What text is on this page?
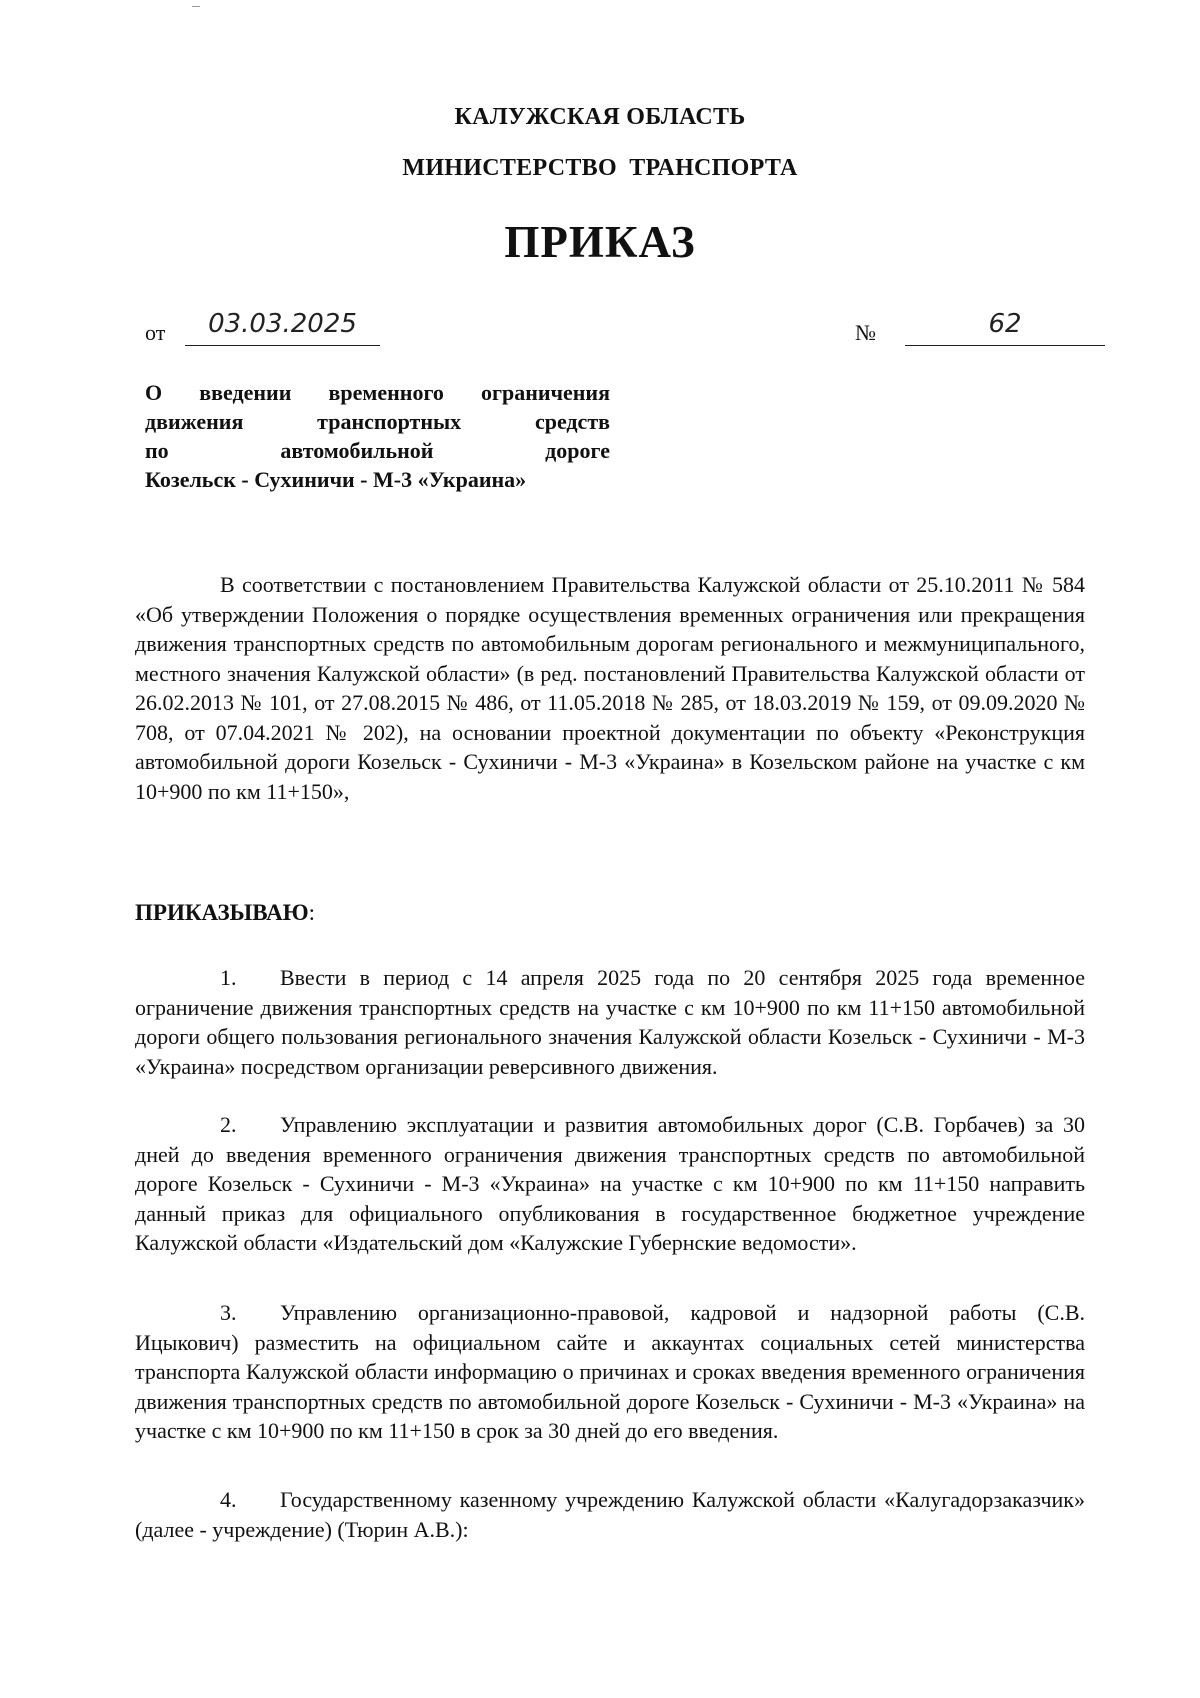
КАЛУЖСКАЯ ОБЛАСТЬ
МИНИСТЕРСТВО ТРАНСПОРТА
ПРИКАЗ
от	03.03.2025	№	62
О введении временного ограничения
движения транспортных средств
по автомобильной дороге
Козельск - Сухиничи - М-3 «Украина»
В соответствии с постановлением Правительства Калужской области от 25.10.2011 № 584 «Об утверждении Положения о порядке осуществления временных ограничения или прекращения движения транспортных средств по автомобильным дорогам регионального и межмуниципального, местного значения Калужской области» (в ред. постановлений Правительства Калужской области от 26.02.2013 № 101, от 27.08.2015 № 486, от 11.05.2018 № 285, от 18.03.2019 № 159, от 09.09.2020 № 708, от 07.04.2021 № 202), на основании проектной документации по объекту «Реконструкция автомобильной дороги Козельск - Сухиничи - М-3 «Украина» в Козельском районе на участке с км 10+900 по км 11+150»,
ПРИКАЗЫВАЮ:
1. Ввести в период с 14 апреля 2025 года по 20 сентября 2025 года временное ограничение движения транспортных средств на участке с км 10+900 по км 11+150 автомобильной дороги общего пользования регионального значения Калужской области Козельск - Сухиничи - М-3 «Украина» посредством организации реверсивного движения.
2. Управлению эксплуатации и развития автомобильных дорог (С.В. Горбачев) за 30 дней до введения временного ограничения движения транспортных средств по автомобильной дороге Козельск - Сухиничи - М-3 «Украина» на участке с км 10+900 по км 11+150 направить данный приказ для официального опубликования в государственное бюджетное учреждение Калужской области «Издательский дом «Калужские Губернские ведомости».
3. Управлению организационно-правовой, кадровой и надзорной работы (С.В. Ицыкович) разместить на официальном сайте и аккаунтах социальных сетей министерства транспорта Калужской области информацию о причинах и сроках введения временного ограничения движения транспортных средств по автомобильной дороге Козельск - Сухиничи - М-3 «Украина» на участке с км 10+900 по км 11+150 в срок за 30 дней до его введения.
4. Государственному казенному учреждению Калужской области «Калугадорзаказчик» (далее - учреждение) (Тюрин А.В.):
